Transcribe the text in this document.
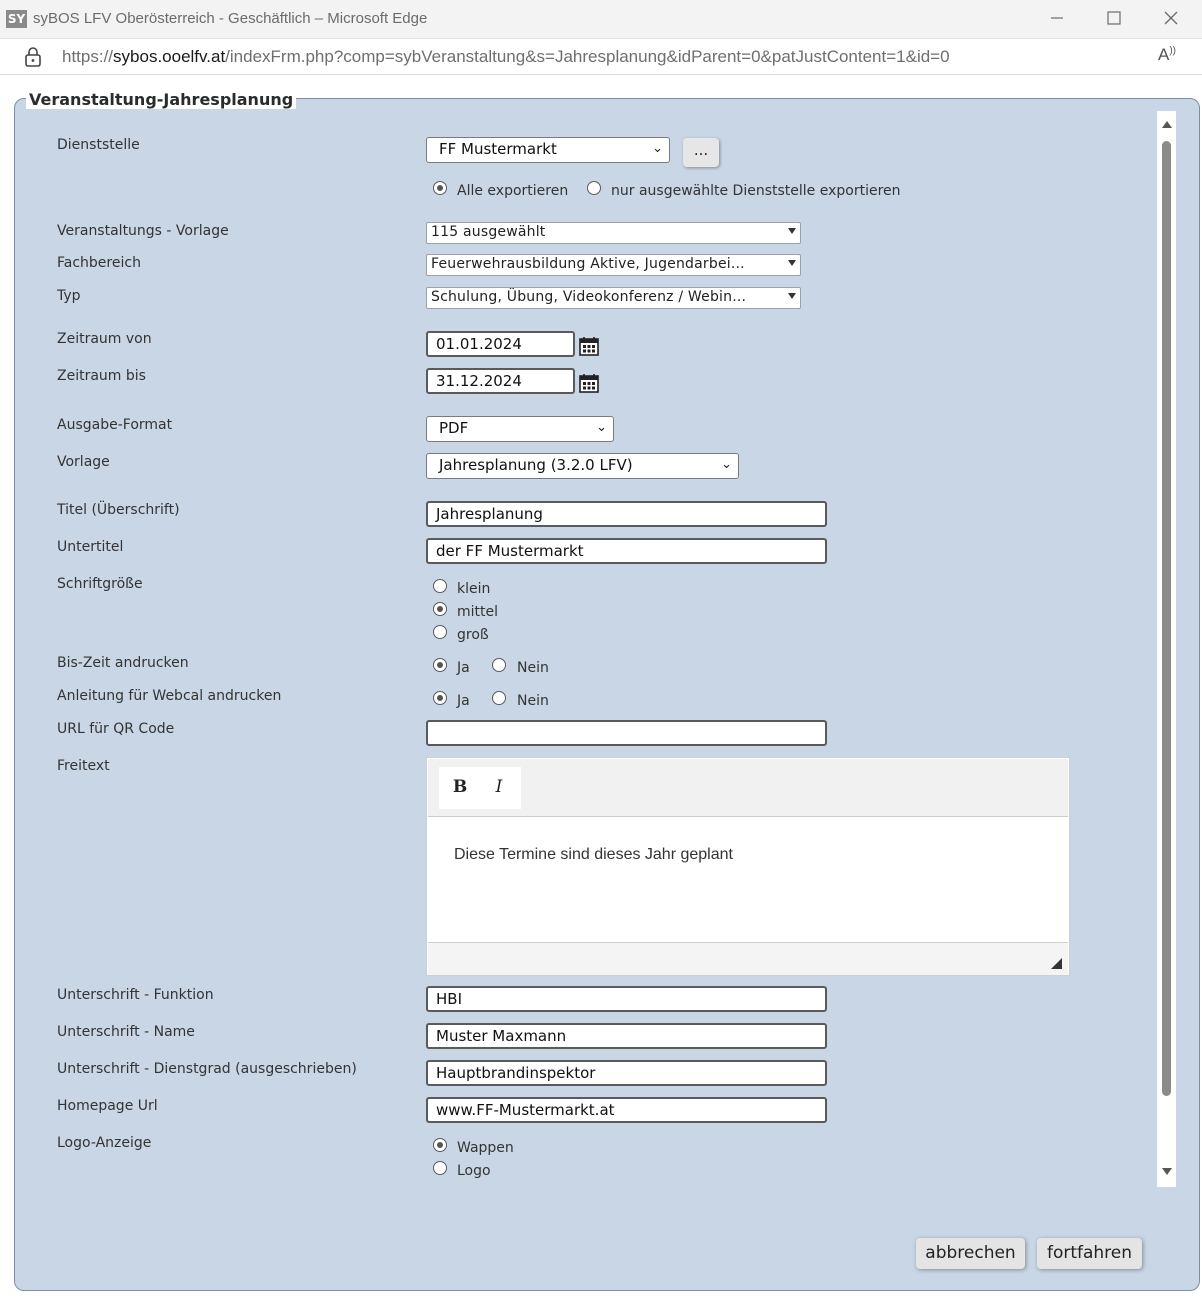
SY syBOS LFV Oberösterreich - Geschäftlich – Microsoft Edge
https://sybos.ooelfv.at/indexFrm.php?comp=sybVeranstaltung&s=Jahresplanung&idParent=0&patJustContent=1&id=0	A))
Veranstaltung-Jahresplanung
Dienststelle	FF Mustermarkt	⌄	...
Alle exportieren	nur ausgewählte Dienststelle exportieren
Veranstaltungs - Vorlage	115 ausgewählt
Fachbereich	Feuerwehrausbildung Aktive, Jugendarbei...
Typ	Schulung, Übung, Videokonferenz / Webin...
Zeitraum von	01.01.2024
Zeitraum bis	31.12.2024
Ausgabe-Format	PDF	⌄
Vorlage	Jahresplanung (3.2.0 LFV)	⌄
Titel (Überschrift)	Jahresplanung
Untertitel	der FF Mustermarkt
Schriftgröße	klein
mittel
groß
Bis-Zeit andrucken	Ja	Nein
Anleitung für Webcal andrucken	Ja	Nein
URL für QR Code
Freitext
B	I
Diese Termine sind dieses Jahr geplant
Unterschrift - Funktion	HBI
Unterschrift - Name	Muster Maxmann
Unterschrift - Dienstgrad (ausgeschrieben)	Hauptbrandinspektor
Homepage Url	www.FF-Mustermarkt.at
Logo-Anzeige	Wappen
Logo
abbrechen	fortfahren
